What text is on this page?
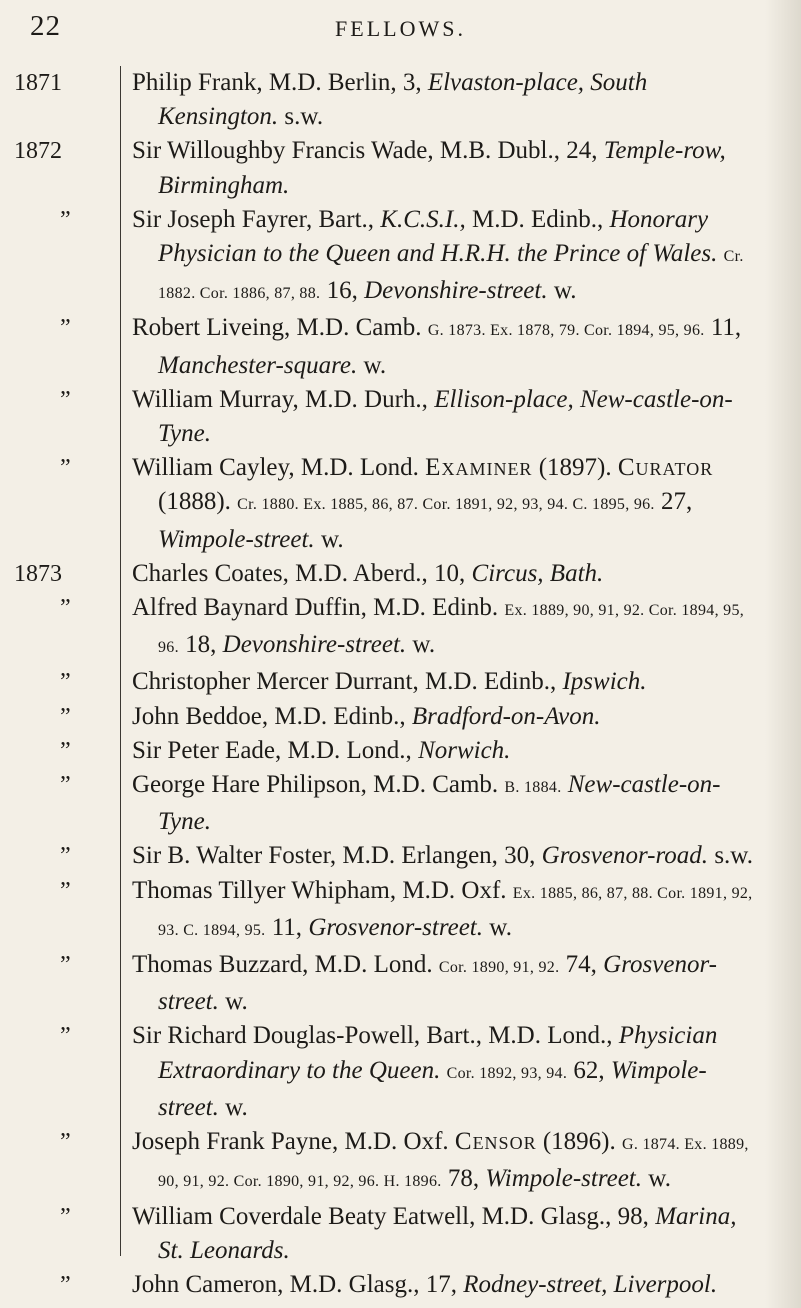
22	FELLOWS.
1871	Philip Frank, M.D. Berlin, 3, Elvaston-place, South Kensington. s.w.
1872	Sir Willoughby Francis Wade, M.B. Dubl., 24, Temple-row, Birmingham.
”	Sir Joseph Fayrer, Bart., K.C.S.I., M.D. Edinb., Honorary Physician to the Queen and H.R.H. the Prince of Wales. Cr. 1882. Cor. 1886, 87, 88. 16, Devonshire-street. w.
”	Robert Liveing, M.D. Camb. G. 1873. Ex. 1878, 79. Cor. 1894, 95, 96. 11, Manchester-square. w.
”	William Murray, M.D. Durh., Ellison-place, New-castle-on-Tyne.
”	William Cayley, M.D. Lond. Examiner (1897). Curator (1888). Cr. 1880. Ex. 1885, 86, 87. Cor. 1891, 92, 93, 94. C. 1895, 96. 27, Wimpole-street. w.
1873	Charles Coates, M.D. Aberd., 10, Circus, Bath.
”	Alfred Baynard Duffin, M.D. Edinb. Ex. 1889, 90, 91, 92. Cor. 1894, 95, 96. 18, Devonshire-street. w.
”	Christopher Mercer Durrant, M.D. Edinb., Ipswich.
”	John Beddoe, M.D. Edinb., Bradford-on-Avon.
”	Sir Peter Eade, M.D. Lond., Norwich.
”	George Hare Philipson, M.D. Camb. B. 1884. New-castle-on-Tyne.
”	Sir B. Walter Foster, M.D. Erlangen, 30, Grosvenor-road. s.w.
”	Thomas Tillyer Whipham, M.D. Oxf. Ex. 1885, 86, 87, 88. Cor. 1891, 92, 93. C. 1894, 95. 11, Grosvenor-street. w.
”	Thomas Buzzard, M.D. Lond. Cor. 1890, 91, 92. 74, Grosvenor-street. w.
”	Sir Richard Douglas-Powell, Bart., M.D. Lond., Physician Extraordinary to the Queen. Cor. 1892, 93, 94. 62, Wimpole-street. w.
”	Joseph Frank Payne, M.D. Oxf. Censor (1896). G. 1874. Ex. 1889, 90, 91, 92. Cor. 1890, 91, 92, 96. H. 1896. 78, Wimpole-street. w.
”	William Coverdale Beaty Eatwell, M.D. Glasg., 98, Marina, St. Leonards.
”	John Cameron, M.D. Glasg., 17, Rodney-street, Liverpool.
